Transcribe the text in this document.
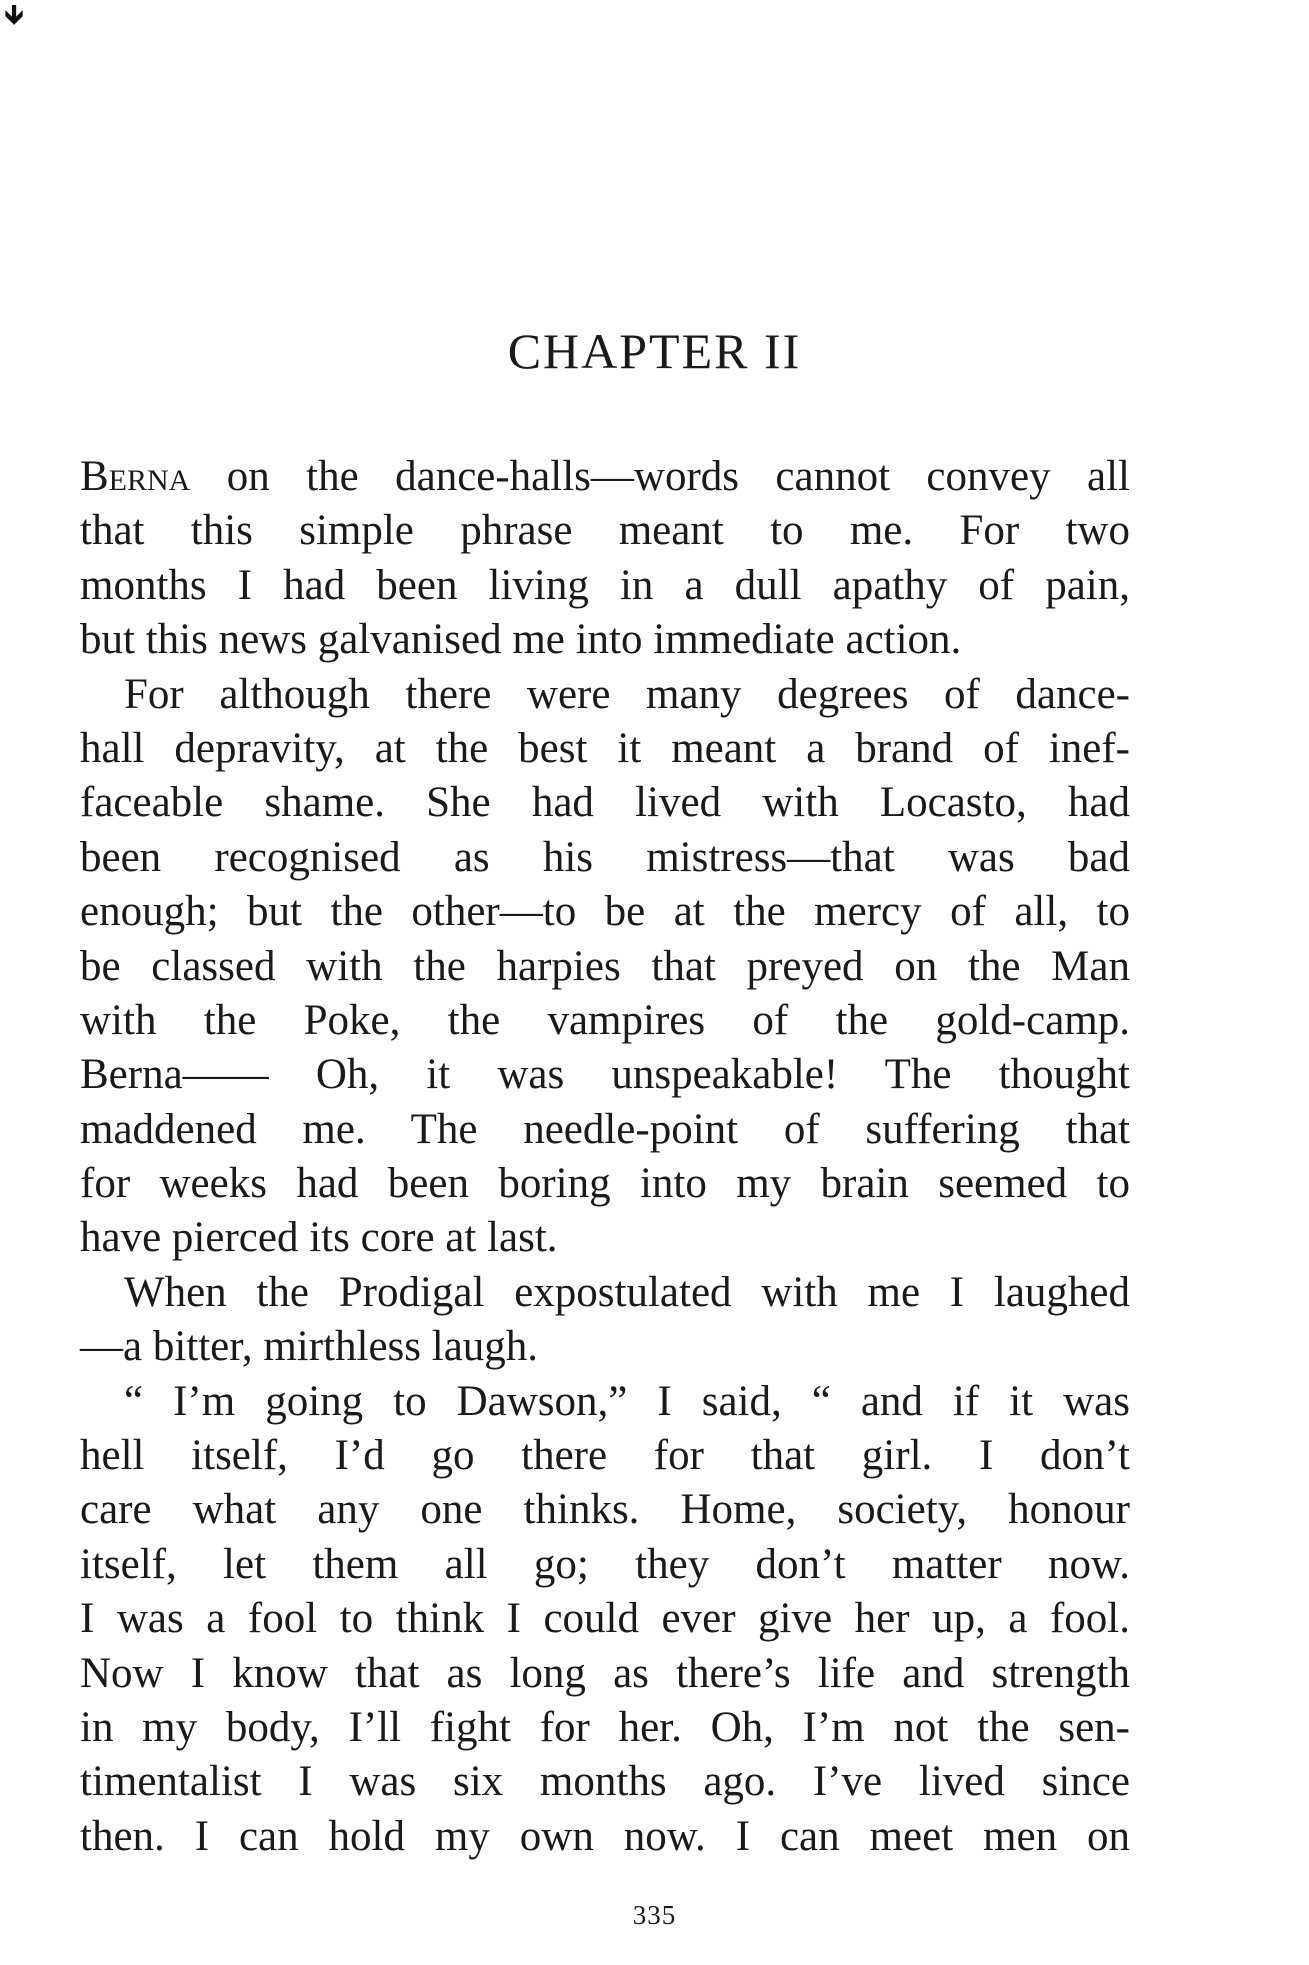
🡻
CHAPTER II
Berna on the dance-halls—words cannot convey all
that this simple phrase meant to me. For two
months I had been living in a dull apathy of pain,
but this news galvanised me into immediate action.
For although there were many degrees of dance-
hall depravity, at the best it meant a brand of inef-
faceable shame. She had lived with Locasto, had
been recognised as his mistress—that was bad
enough; but the other—to be at the mercy of all, to
be classed with the harpies that preyed on the Man
with the Poke, the vampires of the gold-camp.
Berna—— Oh, it was unspeakable! The thought
maddened me. The needle-point of suffering that
for weeks had been boring into my brain seemed to
have pierced its core at last.
When the Prodigal expostulated with me I laughed
—a bitter, mirthless laugh.
“ I’m going to Dawson,” I said, “ and if it was
hell itself, I’d go there for that girl. I don’t
care what any one thinks. Home, society, honour
itself, let them all go; they don’t matter now.
I was a fool to think I could ever give her up, a fool.
Now I know that as long as there’s life and strength
in my body, I’ll fight for her. Oh, I’m not the sen-
timentalist I was six months ago. I’ve lived since
then. I can hold my own now. I can meet men on
335
